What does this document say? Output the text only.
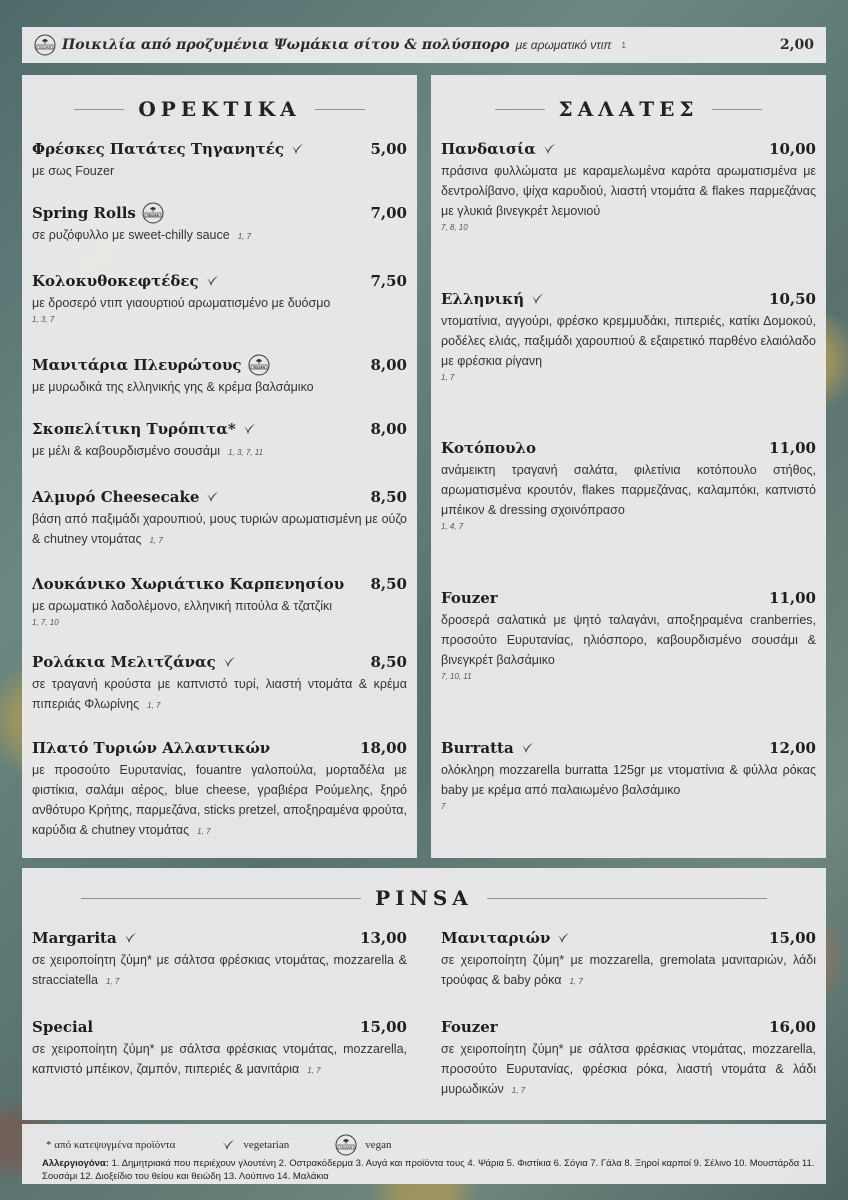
Ποικιλία από προζυμένια Ψωμάκια σίτου & πολύσπορο με αρωματικό ντιπ 1	2,00
ΟΡΕΚΤΙΚΑ
Φρέσκες Πατάτες Τηγανητές	5,00
με σως Fouzer
Spring Rolls	7,00
σε ρυζόφυλλο με sweet-chilly sauce 1, 7
Κολοκυθοκεφτέδες	7,50
με δροσερό ντιπ γιαουρτιού αρωματισμένο με δυόσμο
1, 3, 7
Μανιτάρια Πλευρώτους	8,00
με μυρωδικά της ελληνικής γης & κρέμα βαλσάμικο
Σκοπελίτικη Τυρόπιτα*	8,00
με μέλι & καβουρδισμένο σουσάμι 1, 3, 7, 11
Αλμυρό Cheesecake	8,50
βάση από παξιμάδι χαρουπιού, μους τυριών αρωματισμένη με ούζο & chutney ντομάτας 1, 7
Λουκάνικο Χωριάτικο Καρπενησίου 8,50
με αρωματικό λαδολέμονο, ελληνική πιτούλα & τζατζίκι
1, 7, 10
Ρολάκια Μελιτζάνας	8,50
σε τραγανή κρούστα με καπνιστό τυρί, λιαστή ντομάτα & κρέμα πιπεριάς Φλωρίνης 1, 7
Πλατό Τυριών Αλλαντικών	18,00
με προσούτο Ευρυτανίας, fouantre γαλοπούλα, μορταδέλα με φιστίκια, σαλάμι αέρος, blue cheese, γραβιέρα Ρούμελης, ξηρό ανθότυρο Κρήτης, παρμεζάνα, sticks pretzel, αποξηραμένα φρούτα, καρύδια & chutney ντομάτας 1, 7
ΣΑΛΑΤΕΣ
Πανδαισία	10,00
πράσινα φυλλώματα με καραμελωμένα καρότα αρωματισμένα με δεντρολίβανο, ψίχα καρυδιού, λιαστή ντομάτα & flakes παρμεζάνας με γλυκιά βινεγκρέτ λεμονιού
7, 8, 10
Ελληνική	10,50
ντοματίνια, αγγούρι, φρέσκο κρεμμυδάκι, πιπεριές, κατίκι Δομοκού, ροδέλες ελιάς, παξιμάδι χαρουπιού & εξαιρετικό παρθένο ελαιόλαδο με φρέσκια ρίγανη
1, 7
Κοτόπουλο	11,00
ανάμεικτη τραγανή σαλάτα, φιλετίνια κοτόπουλο στήθος, αρωματισμένα κρουτόν, flakes παρμεζάνας, καλαμπόκι, καπνιστό μπέικον & dressing σχοινόπρασο
1, 4, 7
Fouzer	11,00
δροσερά σαλατικά με ψητό ταλαγάνι, αποξηραμένα cranberries, προσούτο Ευρυτανίας, ηλιόσπορο, καβουρδισμένο σουσάμι & βινεγκρέτ βαλσάμικο
7, 10, 11
Burratta	12,00
ολόκληρη mozzarella burratta 125gr με ντοματίνια & φύλλα ρόκας baby με κρέμα από παλαιωμένο βαλσάμικο
7
PINSA
Margarita	13,00
σε χειροποίητη ζύμη* με σάλτσα φρέσκιας ντομάτας, mozzarella & stracciatella 1, 7
Μανιταριών	15,00
σε χειροποίητη ζύμη* με mozzarella, gremolata μανιταριών, λάδι τρούφας & baby ρόκα 1, 7
Special	15,00
σε χειροποίητη ζύμη* με σάλτσα φρέσκιας ντομάτας, mozzarella, καπνιστό μπέικον, ζαμπόν, πιπεριές & μανιτάρια 1, 7
Fouzer	16,00
σε χειροποίητη ζύμη* με σάλτσα φρέσκιας ντομάτας, mozzarella, προσούτο Ευρυτανίας, φρέσκια ρόκα, λιαστή ντομάτα & λάδι μυρωδικών 1, 7
* από κατεψυγμένα προϊόντα	vegetarian	vegan
Αλλεργιογόνα: 1. Δημητριακά που περιέχουν γλουτένη 2. Οστρακόδερμα 3. Αυγά και προϊόντα τους 4. Ψάρια 5. Φιστίκια 6. Σόγια 7. Γάλα 8. Ξηροί καρποί 9. Σέλινο 10. Μουστάρδα 11. Σουσάμι 12. Διοξείδιο του θείου και θειώδη 13. Λούπινο 14. Μαλάκια
